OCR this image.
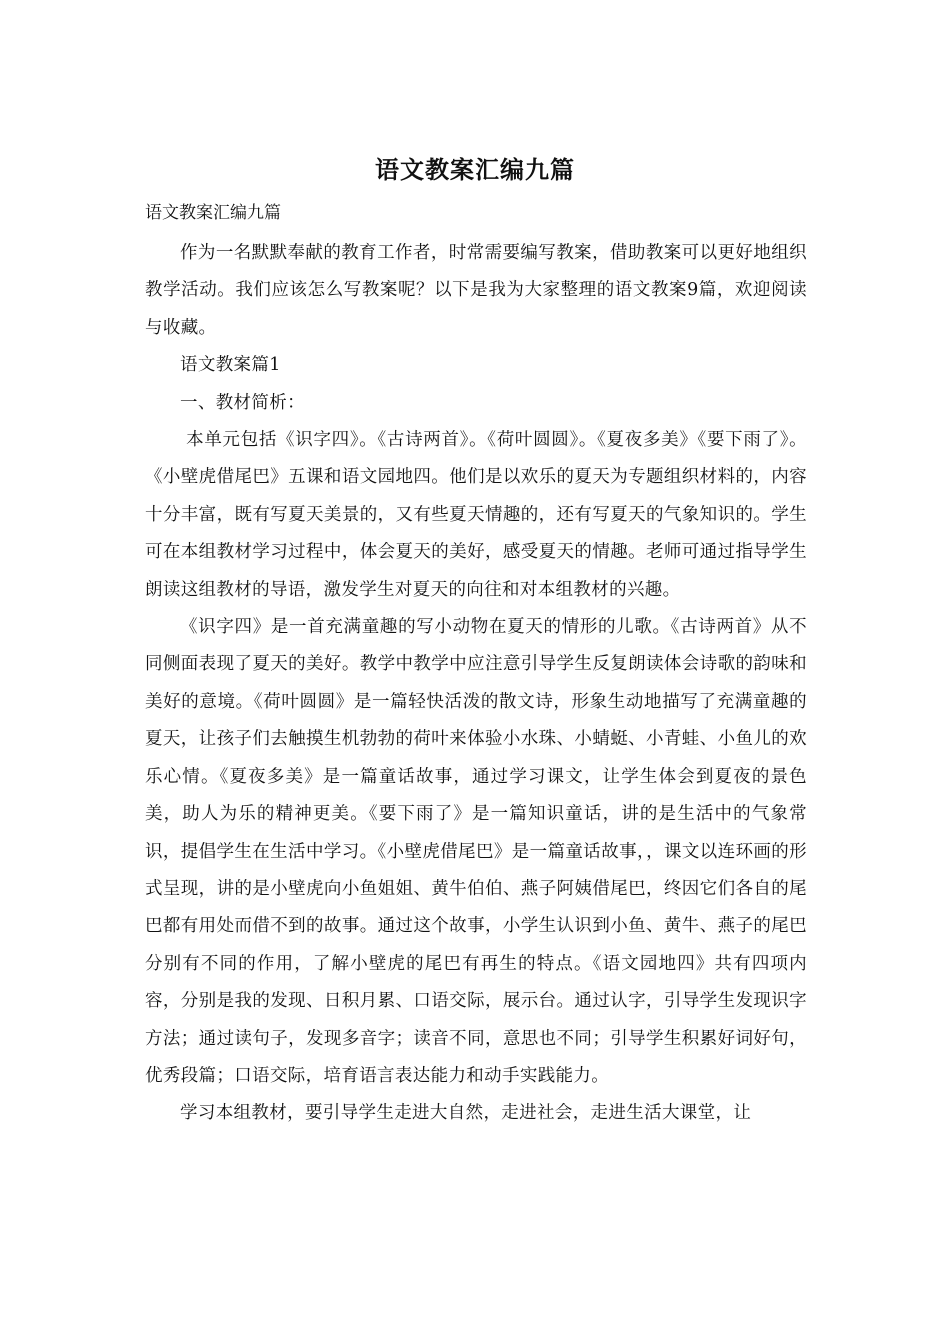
语文教案汇编九篇
语文教案汇编九篇

作为一名默默奉献的教育工作者，时常需要编写教案，借助教案可以更好地组织教学活动。我们应该怎么写教案呢？以下是我为大家整理的语文教案9篇，欢迎阅读与收藏。

语文教案篇1

一、教材简析：

本单元包括《识字四》。《古诗两首》。《荷叶圆圆》。《夏夜多美》《要下雨了》。《小壁虎借尾巴》五课和语文园地四。他们是以欢乐的夏天为专题组织材料的，内容十分丰富，既有写夏天美景的，又有些夏天情趣的，还有写夏天的气象知识的。学生可在本组教材学习过程中，体会夏天的美好，感受夏天的情趣。老师可通过指导学生朗读这组教材的导语，激发学生对夏天的向往和对本组教材的兴趣。

《识字四》是一首充满童趣的写小动物在夏天的情形的儿歌。《古诗两首》从不同侧面表现了夏天的美好。教学中教学中应注意引导学生反复朗读体会诗歌的韵味和美好的意境。《荷叶圆圆》是一篇轻快活泼的散文诗，形象生动地描写了充满童趣的夏天，让孩子们去触摸生机勃勃的荷叶来体验小水珠、小蜻蜓、小青蛙、小鱼儿的欢乐心情。《夏夜多美》是一篇童话故事，通过学习课文，让学生体会到夏夜的景色美，助人为乐的精神更美。《要下雨了》是一篇知识童话，讲的是生活中的气象常识，提倡学生在生活中学习。《小壁虎借尾巴》是一篇童话故事，，课文以连环画的形式呈现，讲的是小壁虎向小鱼姐姐、黄牛伯伯、燕子阿姨借尾巴，终因它们各自的尾巴都有用处而借不到的故事。通过这个故事，小学生认识到小鱼、黄牛、燕子的尾巴分别有不同的作用，了解小壁虎的尾巴有再生的特点。《语文园地四》共有四项内容，分别是我的发现、日积月累、口语交际，展示台。通过认字，引导学生发现识字方法；通过读句子，发现多音字；读音不同，意思也不同；引导学生积累好词好句，优秀段篇；口语交际，培育语言表达能力和动手实践能力。

学习本组教材，要引导学生走进大自然，走进社会，走进生活大课堂，让
